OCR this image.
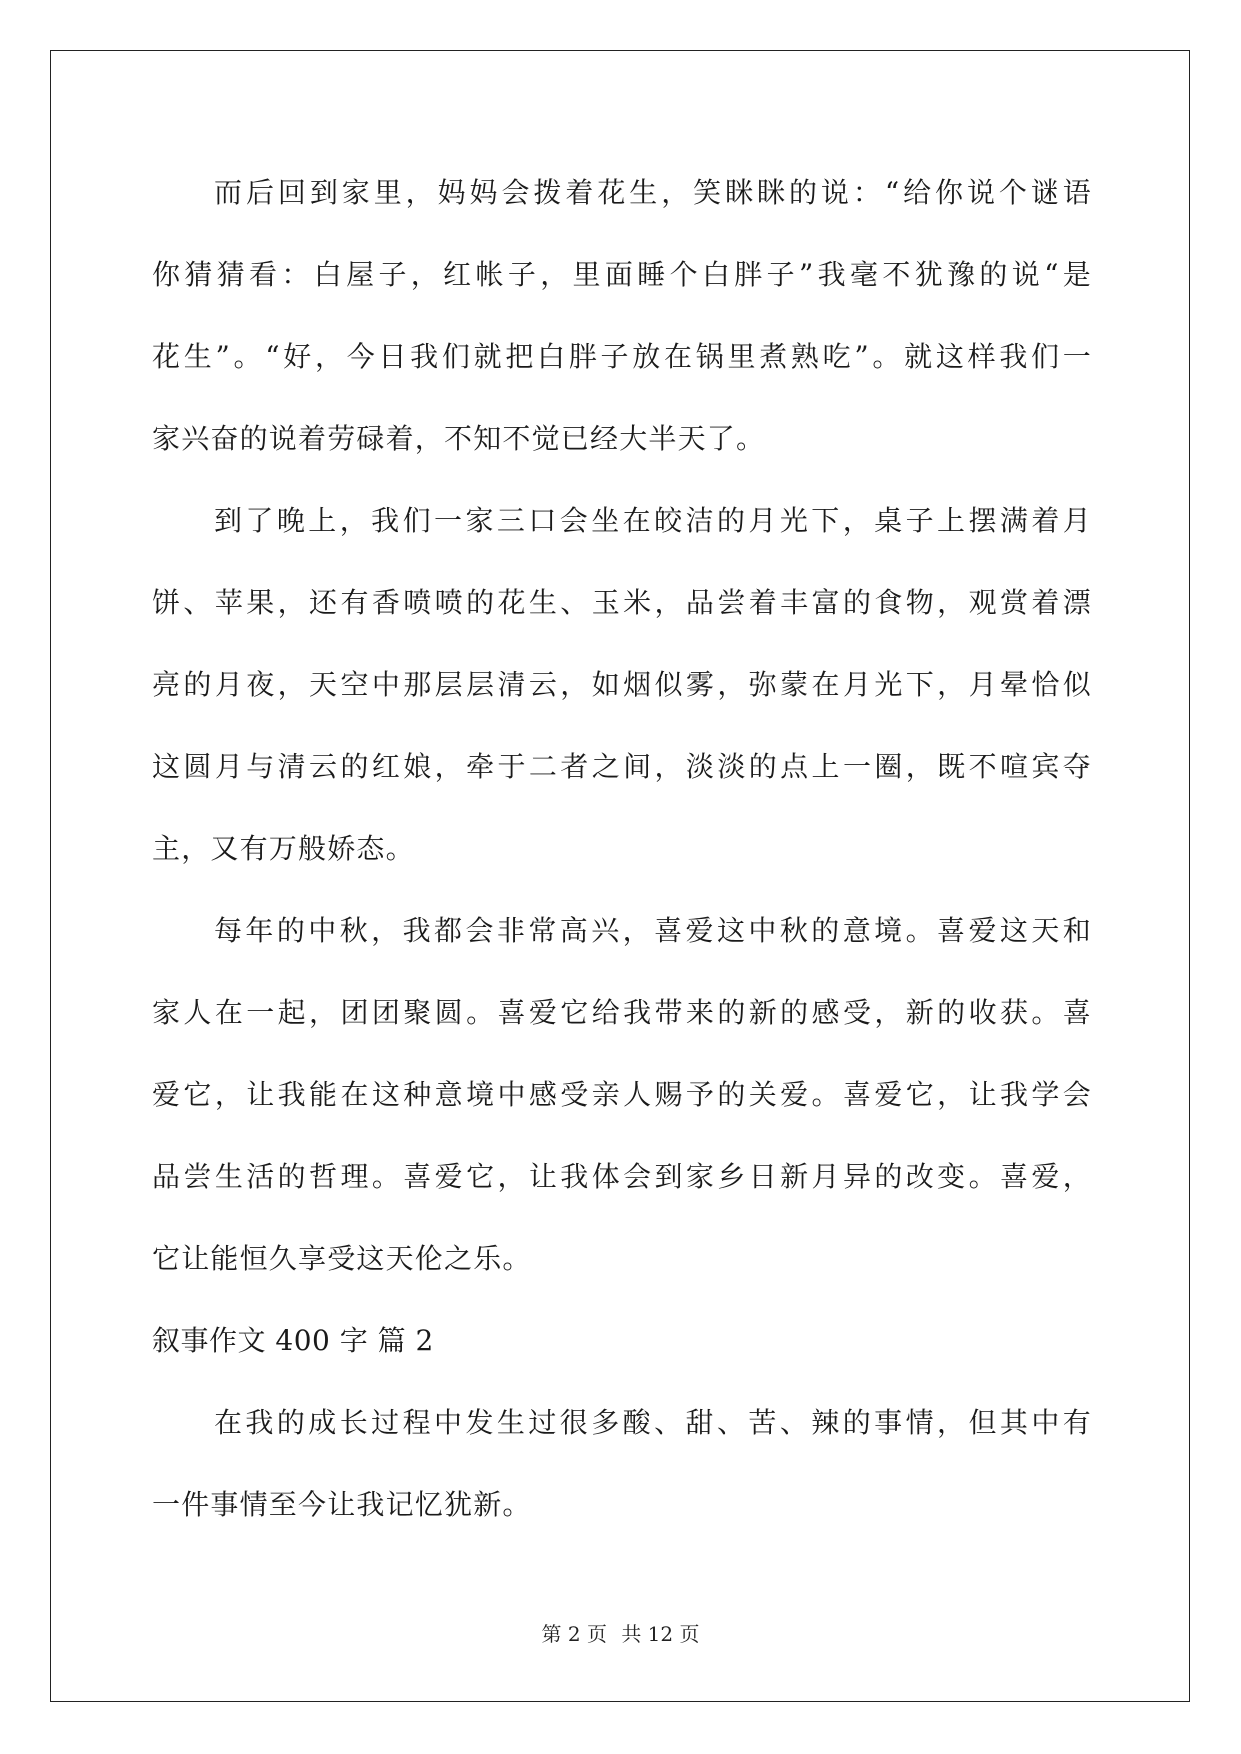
而后回到家里，妈妈会拨着花生，笑眯眯的说：“给你说个谜语
你猜猜看：白屋子，红帐子，里面睡个白胖子”我毫不犹豫的说“是
花生”。“好，今日我们就把白胖子放在锅里煮熟吃”。就这样我们一
家兴奋的说着劳碌着，不知不觉已经大半天了。
到了晚上，我们一家三口会坐在皎洁的月光下，桌子上摆满着月
饼、苹果，还有香喷喷的花生、玉米，品尝着丰富的食物，观赏着漂
亮的月夜，天空中那层层清云，如烟似雾，弥蒙在月光下，月晕恰似
这圆月与清云的红娘，牵于二者之间，淡淡的点上一圈，既不喧宾夺
主，又有万般娇态。
每年的中秋，我都会非常高兴，喜爱这中秋的意境。喜爱这天和
家人在一起，团团聚圆。喜爱它给我带来的新的感受，新的收获。喜
爱它，让我能在这种意境中感受亲人赐予的关爱。喜爱它，让我学会
品尝生活的哲理。喜爱它，让我体会到家乡日新月异的改变。喜爱，
它让能恒久享受这天伦之乐。
叙事作文 400 字 篇 2
在我的成长过程中发生过很多酸、甜、苦、辣的事情，但其中有
一件事情至今让我记忆犹新。
第 2 页 共 12 页
